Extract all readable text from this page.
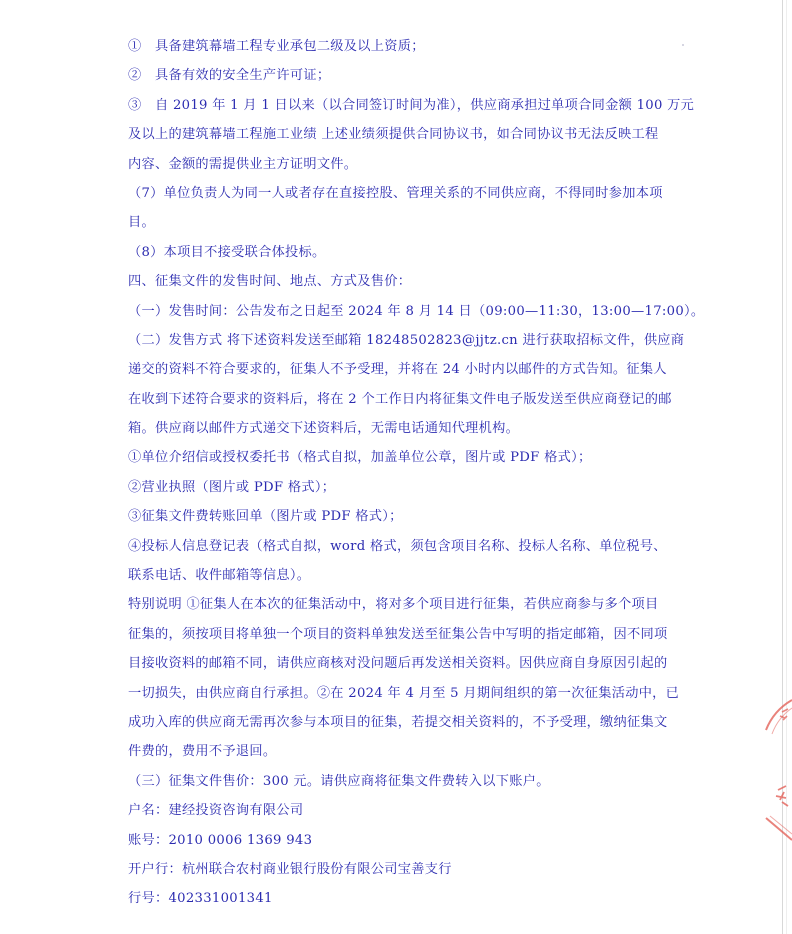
①　具备建筑幕墙工程专业承包二级及以上资质；
②　具备有效的安全生产许可证；
③　自 2019 年 1 月 1 日以来（以合同签订时间为准），供应商承担过单项合同金额 100 万元
及以上的建筑幕墙工程施工业绩 上述业绩须提供合同协议书，如合同协议书无法反映工程
内容、金额的需提供业主方证明文件。
（7）单位负责人为同一人或者存在直接控股、管理关系的不同供应商，不得同时参加本项
目。
（8）本项目不接受联合体投标。
四、征集文件的发售时间、地点、方式及售价：
（一）发售时间：公告发布之日起至 2024 年 8 月 14 日（09:00—11:30，13:00—17:00）。
（二）发售方式 将下述资料发送至邮箱 18248502823@jjtz.cn 进行获取招标文件，供应商
递交的资料不符合要求的，征集人不予受理，并将在 24 小时内以邮件的方式告知。征集人
在收到下述符合要求的资料后，将在 2 个工作日内将征集文件电子版发送至供应商登记的邮
箱。供应商以邮件方式递交下述资料后，无需电话通知代理机构。
①单位介绍信或授权委托书（格式自拟，加盖单位公章，图片或 PDF 格式）；
②营业执照（图片或 PDF 格式）；
③征集文件费转账回单（图片或 PDF 格式）；
④投标人信息登记表（格式自拟，word 格式，须包含项目名称、投标人名称、单位税号、
联系电话、收件邮箱等信息）。
特别说明 ①征集人在本次的征集活动中，将对多个项目进行征集，若供应商参与多个项目
征集的，须按项目将单独一个项目的资料单独发送至征集公告中写明的指定邮箱，因不同项
目接收资料的邮箱不同，请供应商核对没问题后再发送相关资料。因供应商自身原因引起的
一切损失，由供应商自行承担。②在 2024 年 4 月至 5 月期间组织的第一次征集活动中，已
成功入库的供应商无需再次参与本项目的征集，若提交相关资料的，不予受理，缴纳征集文
件费的，费用不予退回。
（三）征集文件售价：300 元。请供应商将征集文件费转入以下账户。
户名：建经投资咨询有限公司
账号：2010 0006 1369 943
开户行：杭州联合农村商业银行股份有限公司宝善支行
行号：402331001341
